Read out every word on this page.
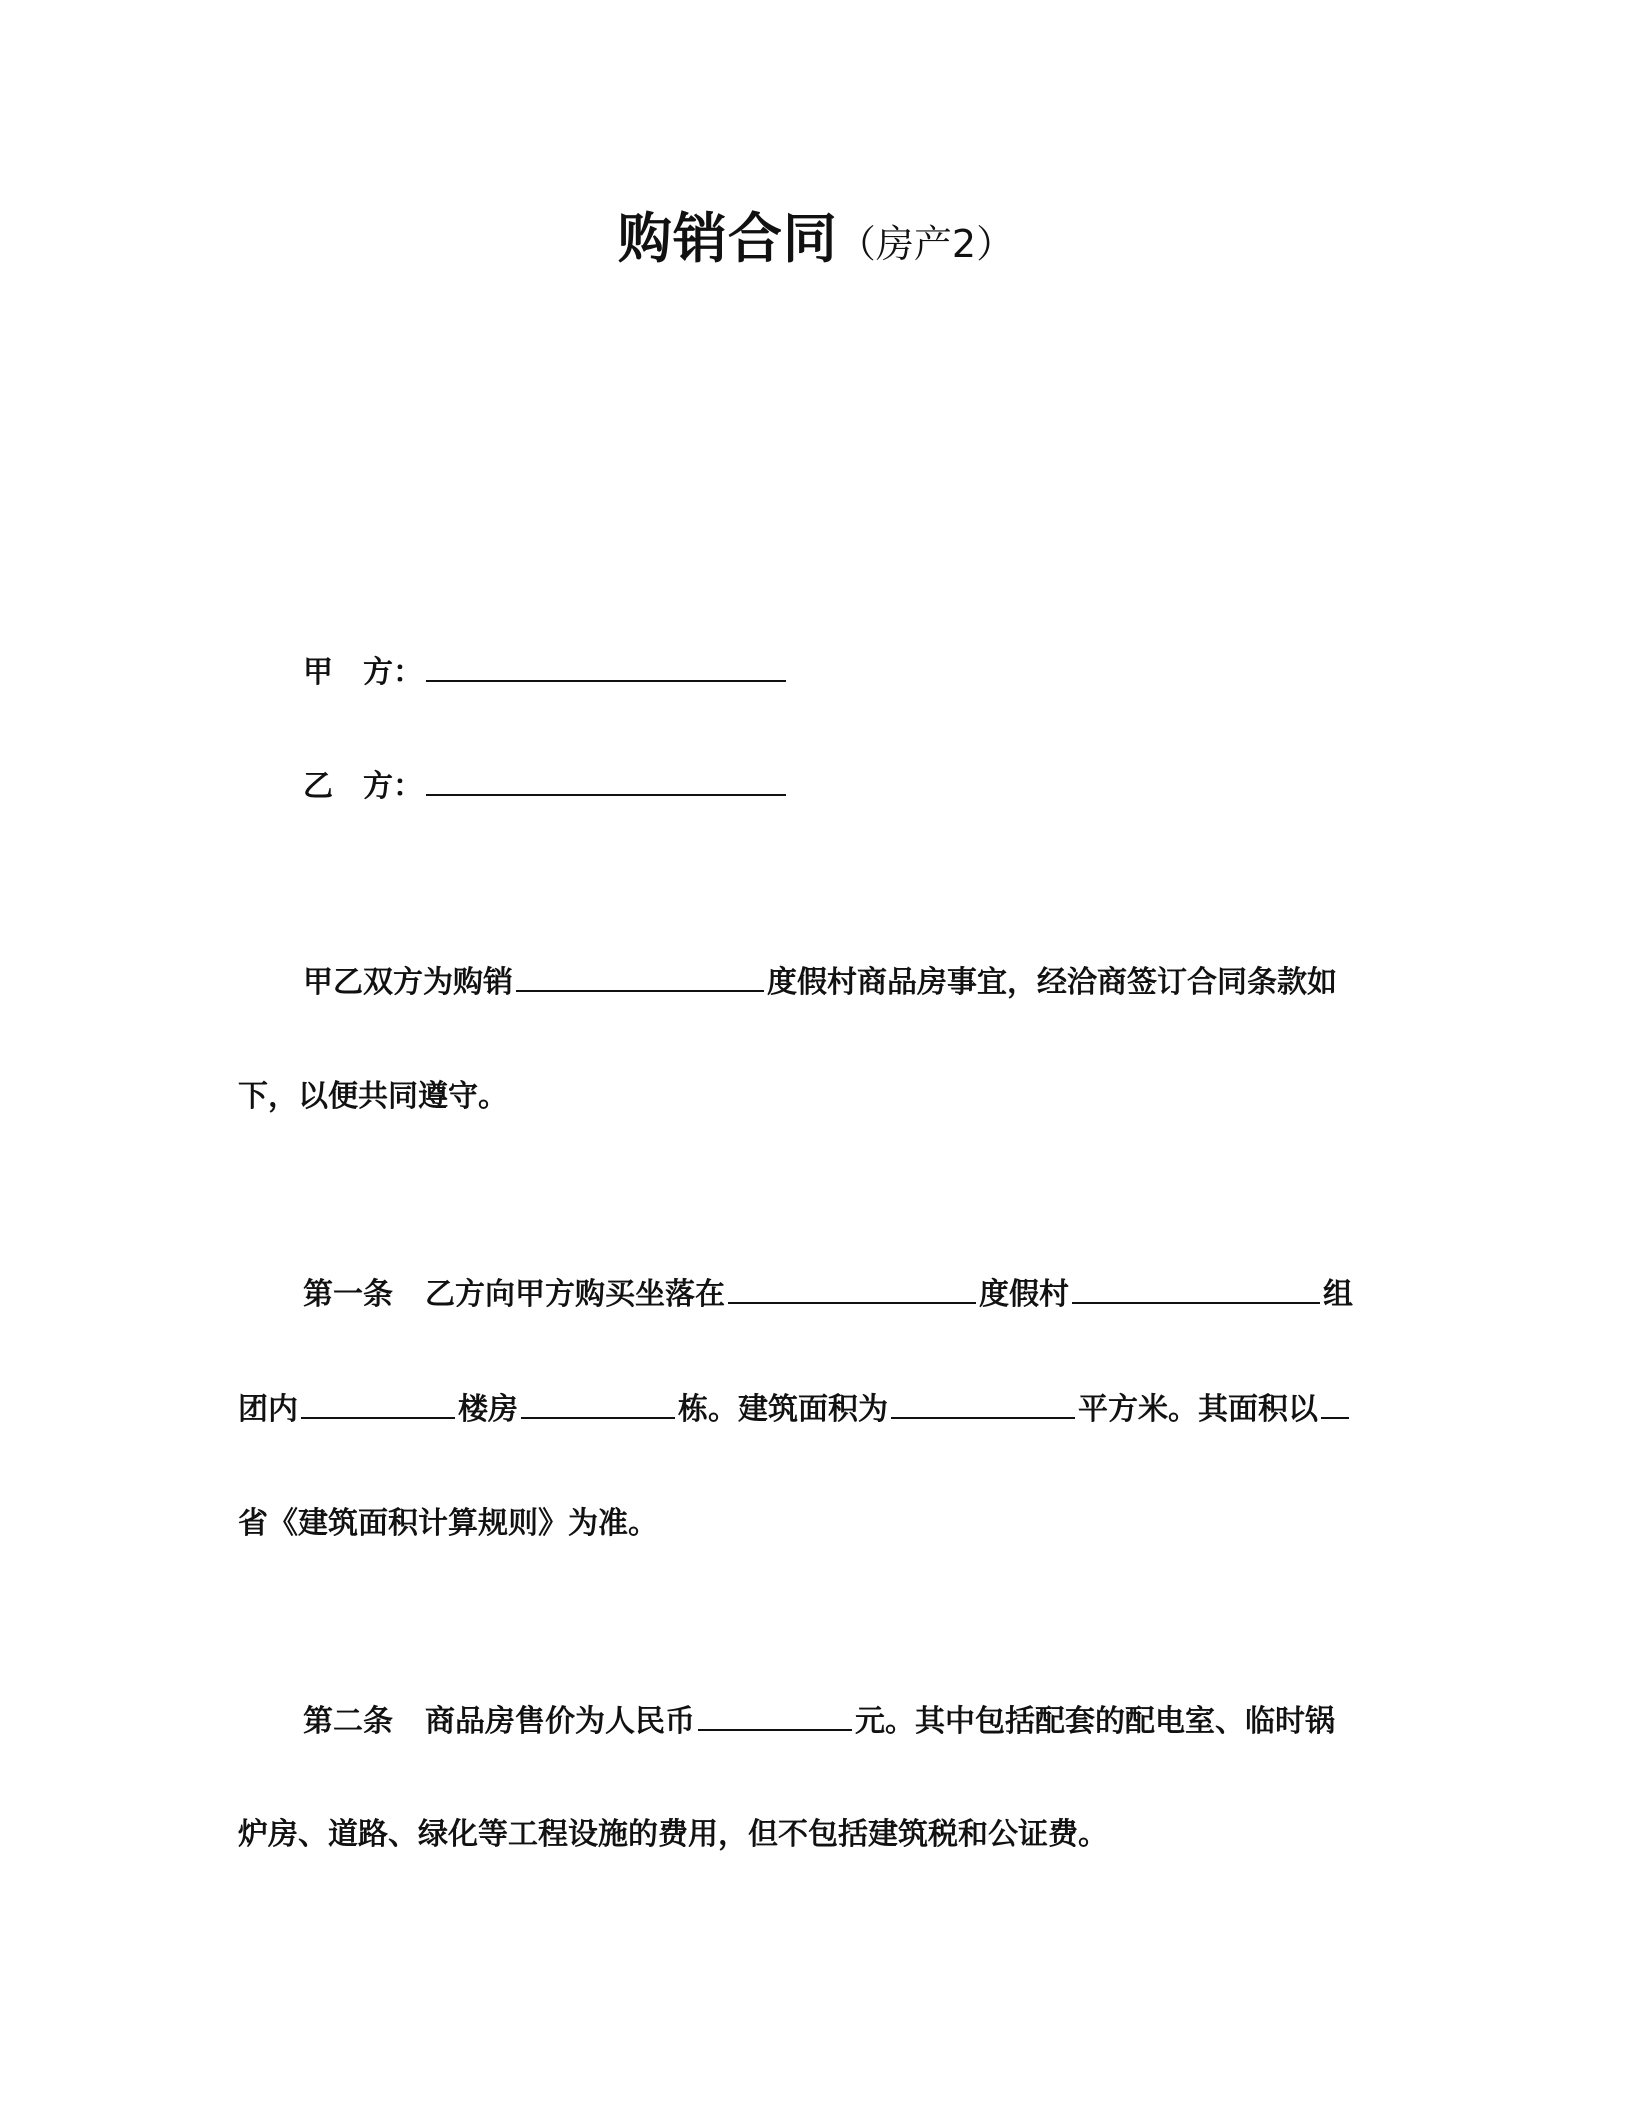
购销合同（房产2）
甲　方：
乙　方：
甲乙双方为购销	度假村商品房事宜，经洽商签订合同条款如
下，以便共同遵守。
第一条 乙方向甲方购买坐落在	度假村	组
团内	楼房	栋。建筑面积为	平方米。其面积以
省《建筑面积计算规则》为准。
第二条 商品房售价为人民币	元。其中包括配套的配电室、临时锅
炉房、道路、绿化等工程设施的费用，但不包括建筑税和公证费。
